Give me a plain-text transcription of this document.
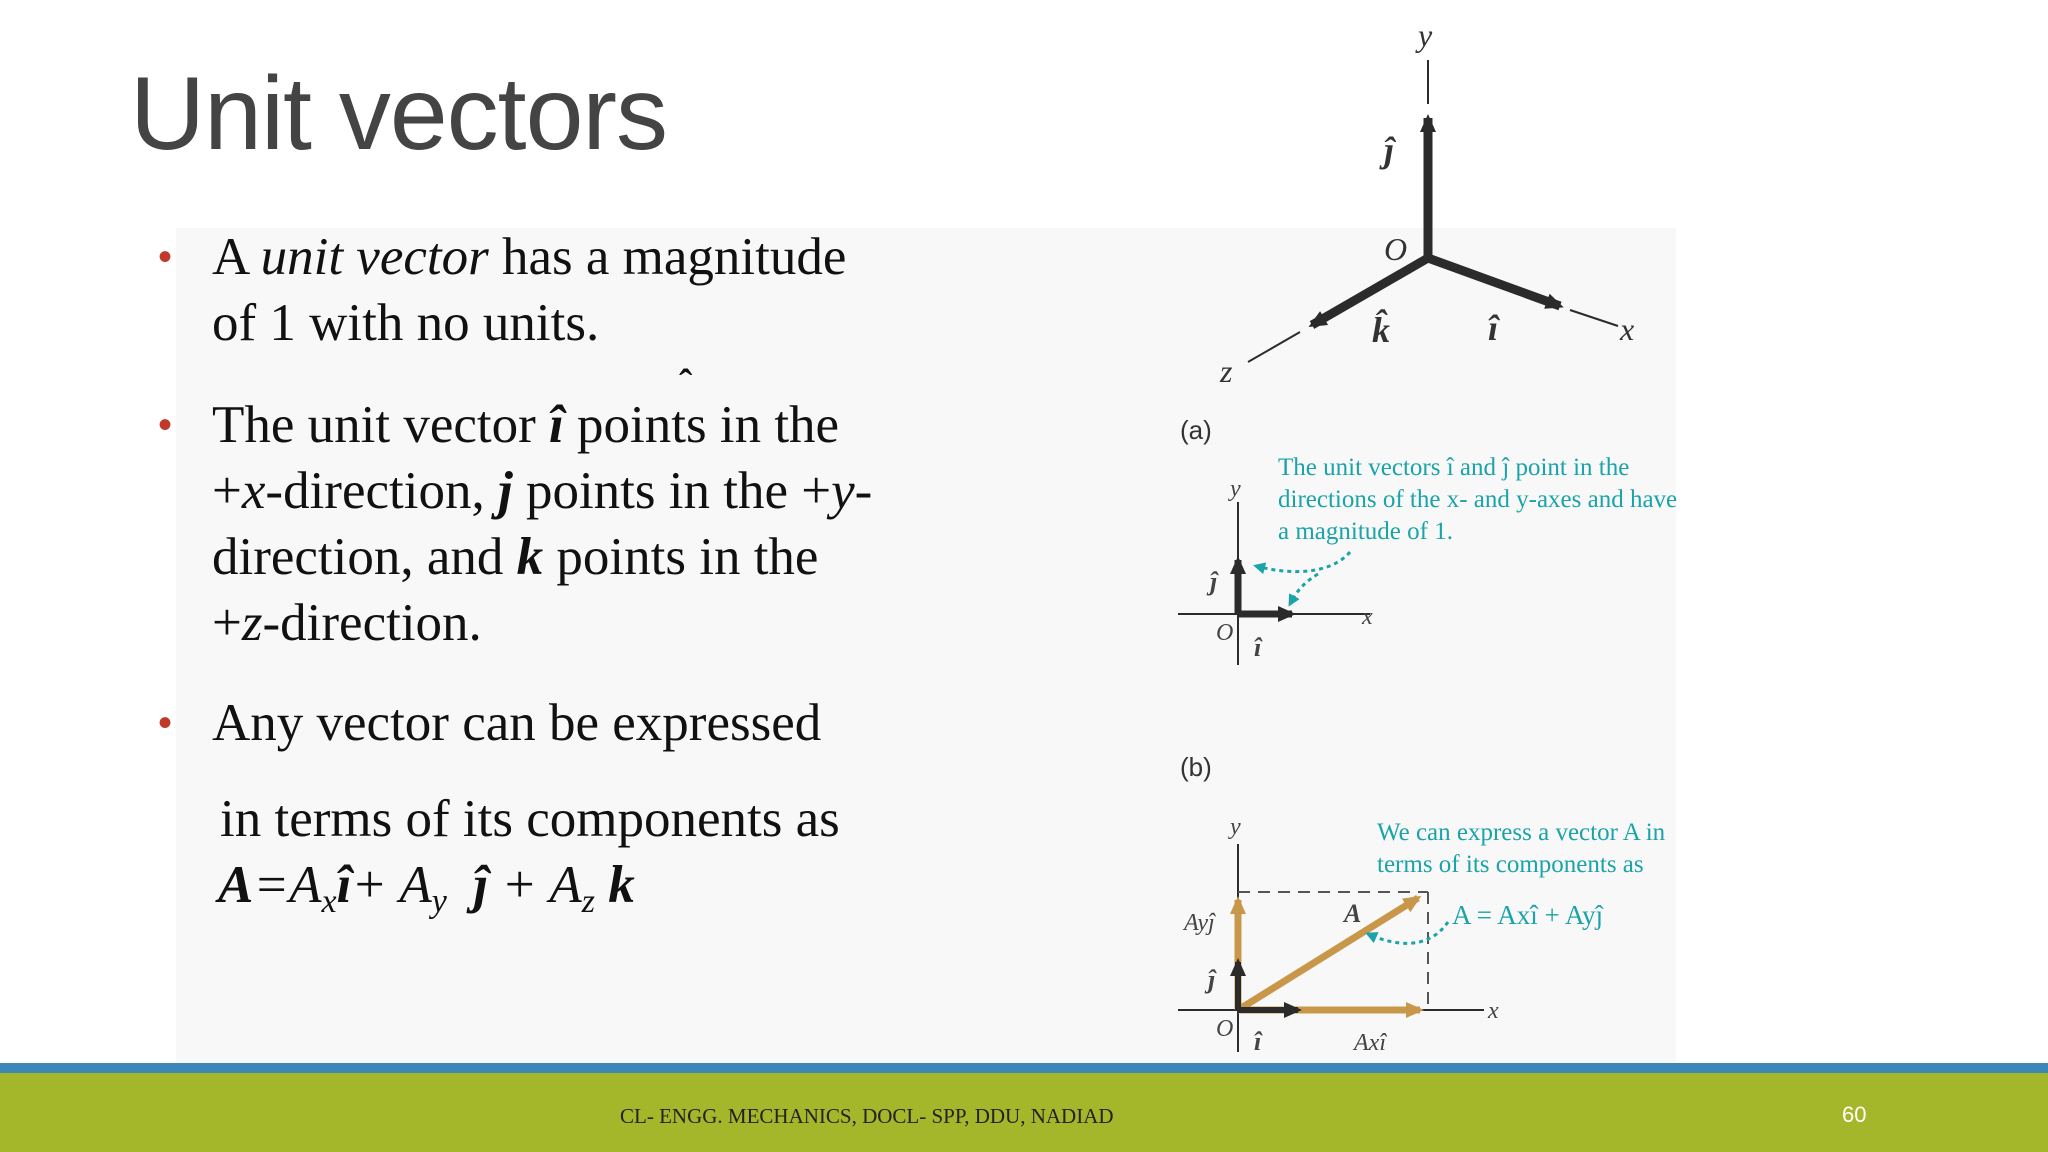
Unit vectors
• A unit vector has a magnitude
of 1 with no units.
• The unit vector î points in the
+x-direction, j points in the +y-
direction, and k points in the
+z-direction.
ˆ
• Any vector can be expressed
in terms of its components as
$A=A_xî+ A_y$ ĵ + $A_z$ k
y
ĵ
O
k̂	î	x
z
y
x
O
ĵ
î
y
x
O
A
Ayĵ
ĵ
î	Axî
A = Axî + Ayĵ
(a)
The unit vectors î and ĵ point in the directions of the x- and y-axes and have a magnitude of 1.
(b)
We can express a vector A in
terms of its components as
CL- ENGG. MECHANICS, DOCL- SPP, DDU, NADIAD	60
